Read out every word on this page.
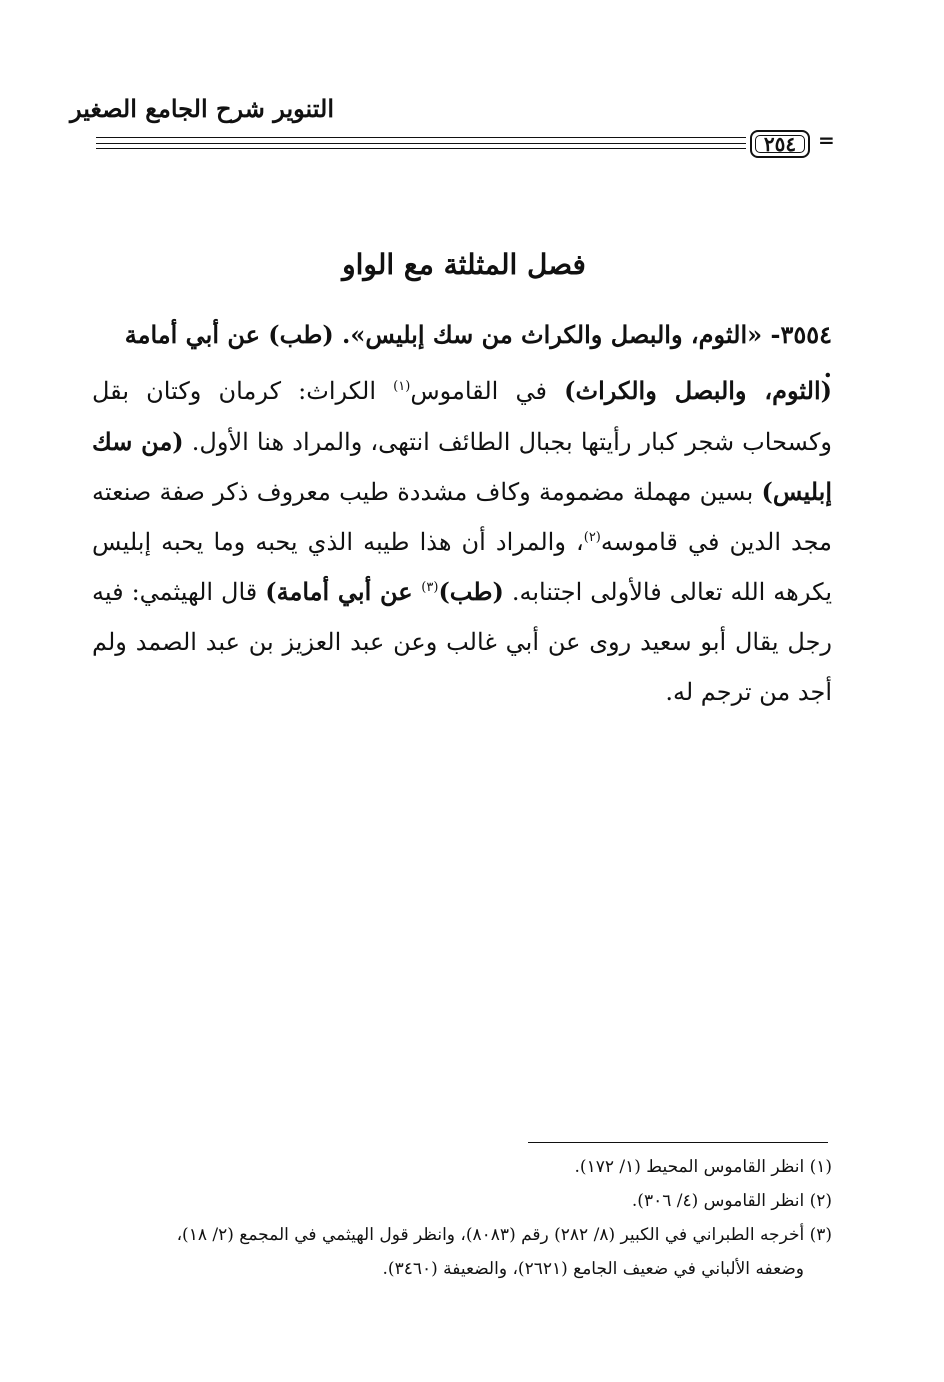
التنوير شرح الجامع الصغير
٢٥٤	=
فصل المثلثة مع الواو
٣٥٥٤- «الثوم، والبصل والكراث من سك إبليس». (طب) عن أبي أمامة .

(الثوم، والبصل والكراث) في القاموس$^{(١)}$ الكراث: كرمان وكتان بقل وكسحاب شجر كبار رأيتها بجبال الطائف انتهى، والمراد هنا الأول. (من سك إبليس) بسين مهملة مضمومة وكاف مشددة طيب معروف ذكر صفة صنعته مجد الدين في قاموسه$^{(٢)}$، والمراد أن هذا طيبه الذي يحبه وما يحبه إبليس يكرهه الله تعالى فالأولى اجتنابه. (طب)$^{(٣)}$ عن أبي أمامة) قال الهيثمي: فيه رجل يقال أبو سعيد روى عن أبي غالب وعن عبد العزيز بن عبد الصمد ولم أجد من ترجم له.

(١) انظر القاموس المحيط (١/ ١٧٢).

(٢) انظر القاموس (٤/ ٣٠٦).

(٣) أخرجه الطبراني في الكبير (٨/ ٢٨٢) رقم (٨٠٨٣)، وانظر قول الهيثمي في المجمع (٢/ ١٨)،

وضعفه الألباني في ضعيف الجامع (٢٦٢١)، والضعيفة (٣٤٦٠).
